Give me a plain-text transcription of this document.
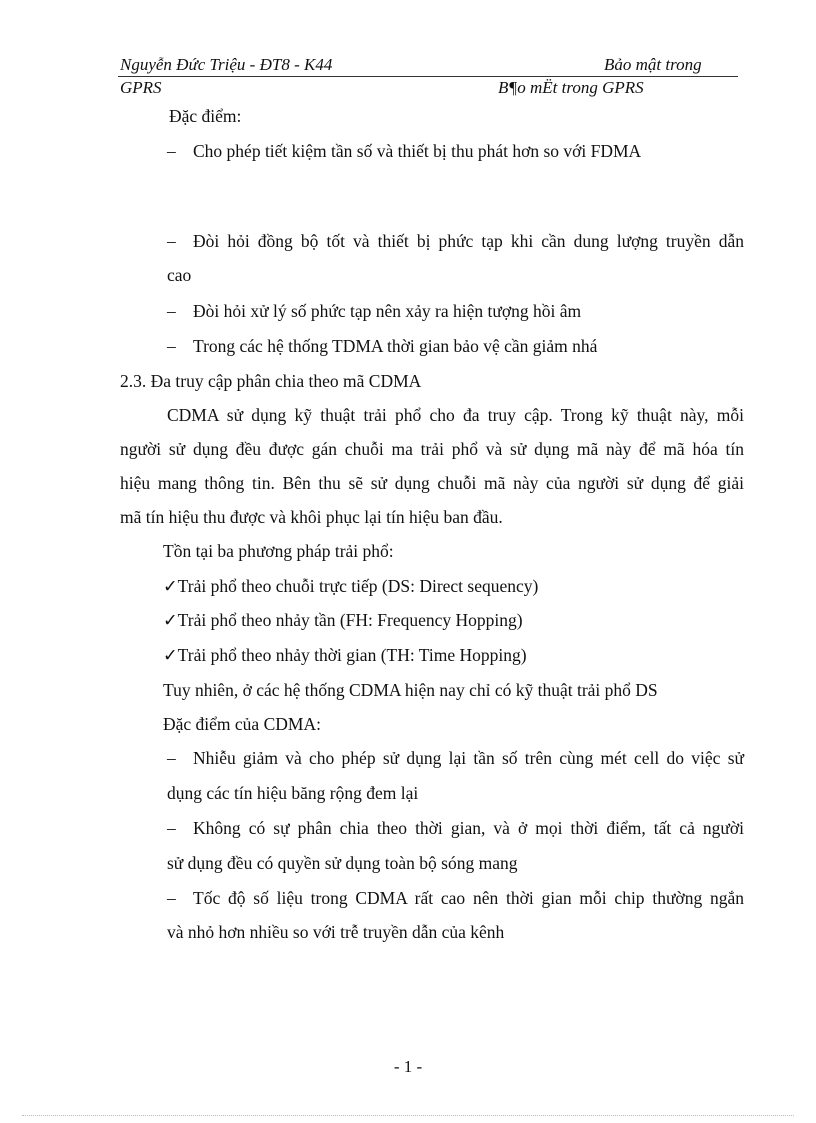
Nguyễn Đức Triệu - ĐT8 - K44	Bảo mật trong
GPRS	B¶o mËt trong GPRS
Đặc điểm:
– Cho phép tiết kiệm tần số và thiết bị thu phát hơn so với FDMA
– Đòi hỏi đồng bộ tốt và thiết bị phức tạp khi cần dung lượng truyền dẫn
cao
– Đòi hỏi xử lý số phức tạp nên xảy ra hiện tượng hồi âm
– Trong các hệ thống TDMA thời gian bảo vệ cần giảm nhá
2.3. Đa truy cập phân chia theo mã CDMA
CDMA sử dụng kỹ thuật trải phổ cho đa truy cập. Trong kỹ thuật này, mỗi
người sử dụng đều được gán chuỗi ma trải phổ và sử dụng mã này để mã hóa tín
hiệu mang thông tin. Bên thu sẽ sử dụng chuỗi mã này của người sử dụng để giải
mã tín hiệu thu được và khôi phục lại tín hiệu ban đầu.
Tồn tại ba phương pháp trải phổ:
✓Trải phổ theo chuỗi trực tiếp (DS: Direct sequency)
✓Trải phổ theo nhảy tần (FH: Frequency Hopping)
✓Trải phổ theo nhảy thời gian (TH: Time Hopping)
Tuy nhiên, ở các hệ thống CDMA hiện nay chỉ có kỹ thuật trải phổ DS
Đặc điểm của CDMA:
– Nhiễu giảm và cho phép sử dụng lại tần số trên cùng mét cell do việc sử
dụng các tín hiệu băng rộng đem lại
– Không có sự phân chia theo thời gian, và ở mọi thời điểm, tất cả người
sử dụng đều có quyền sử dụng toàn bộ sóng mang
– Tốc độ số liệu trong CDMA rất cao nên thời gian mỗi chip thường ngắn
và nhỏ hơn nhiều so với trễ truyền dẫn của kênh
- 1 -
